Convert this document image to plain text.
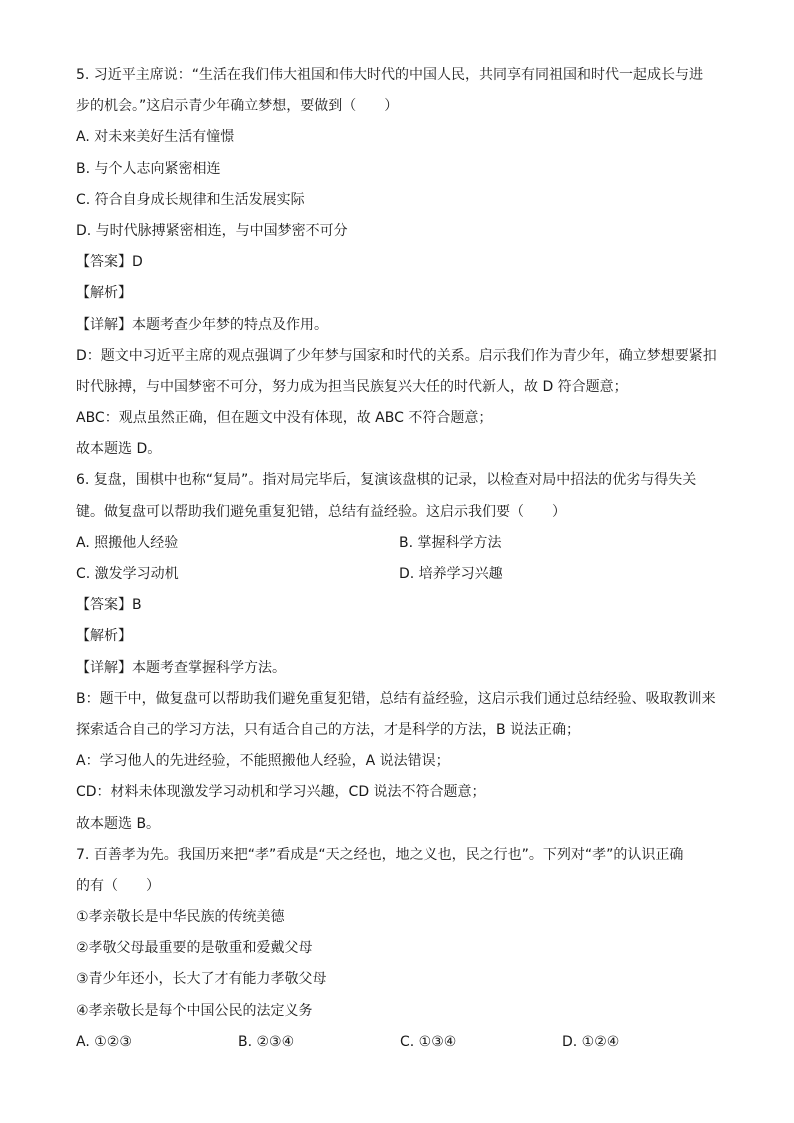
5. 习近平主席说：“生活在我们伟大祖国和伟大时代的中国人民，共同享有同祖国和时代一起成长与进
步的机会。”这启示青少年确立梦想，要做到（　　）
A. 对未来美好生活有憧憬
B. 与个人志向紧密相连
C. 符合自身成长规律和生活发展实际
D. 与时代脉搏紧密相连，与中国梦密不可分
【答案】D
【解析】
【详解】本题考查少年梦的特点及作用。
D：题文中习近平主席的观点强调了少年梦与国家和时代的关系。启示我们作为青少年，确立梦想要紧扣
时代脉搏，与中国梦密不可分，努力成为担当民族复兴大任的时代新人，故 D 符合题意；
ABC：观点虽然正确，但在题文中没有体现，故 ABC 不符合题意；
故本题选 D。
6. 复盘，围棋中也称“复局”。指对局完毕后，复演该盘棋的记录，以检查对局中招法的优劣与得失关
键。做复盘可以帮助我们避免重复犯错，总结有益经验。这启示我们要（　　）
A. 照搬他人经验	B. 掌握科学方法
C. 激发学习动机	D. 培养学习兴趣
【答案】B
【解析】
【详解】本题考查掌握科学方法。
B：题干中，做复盘可以帮助我们避免重复犯错，总结有益经验，这启示我们通过总结经验、吸取教训来
探索适合自己的学习方法，只有适合自己的方法，才是科学的方法，B 说法正确；
A：学习他人的先进经验，不能照搬他人经验，A 说法错误；
CD：材料未体现激发学习动机和学习兴趣，CD 说法不符合题意；
故本题选 B。
7. 百善孝为先。我国历来把“孝”看成是“天之经也，地之义也，民之行也”。下列对“孝”的认识正确
的有（　　）
①孝亲敬长是中华民族的传统美德
②孝敬父母最重要的是敬重和爱戴父母
③青少年还小，长大了才有能力孝敬父母
④孝亲敬长是每个中国公民的法定义务
A. ①②③	B. ②③④	C. ①③④	D. ①②④
